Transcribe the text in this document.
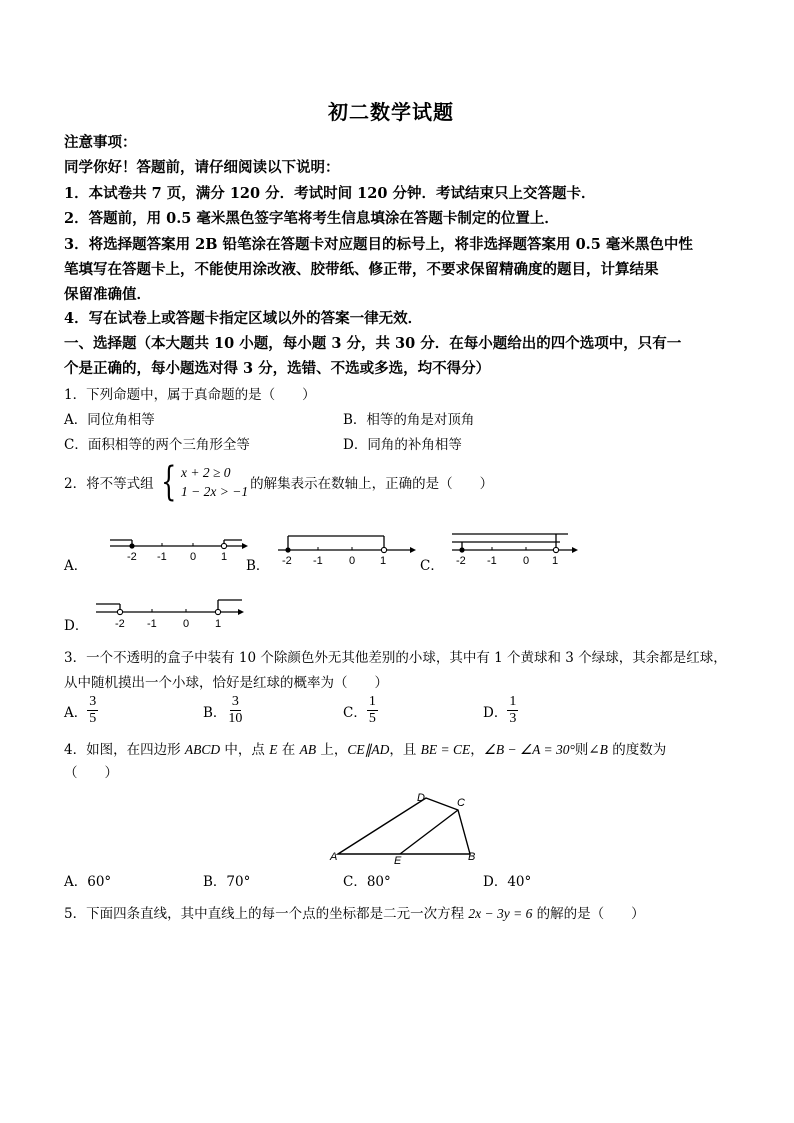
初二数学试题
注意事项：
同学你好！答题前，请仔细阅读以下说明：
1．本试卷共 7 页，满分 120 分．考试时间 120 分钟．考试结束只上交答题卡．
2．答题前，用 0.5 毫米黑色签字笔将考生信息填涂在答题卡制定的位置上．
3．将选择题答案用 2B 铅笔涂在答题卡对应题目的标号上，将非选择题答案用 0.5 毫米黑色中性
笔填写在答题卡上，不能使用涂改液、胶带纸、修正带，不要求保留精确度的题目，计算结果
保留准确值．
4．写在试卷上或答题卡指定区域以外的答案一律无效．
一、选择题（本大题共 10 小题，每小题 3 分，共 30 分．在每小题给出的四个选项中，只有一
个是正确的，每小题选对得 3 分，选错、不选或多选，均不得分）
1．下列命题中，属于真命题的是（　　）
A．同位角相等	B．相等的角是对顶角
C．面积相等的两个三角形全等	D．同角的补角相等
2．将不等式组 { x + 2 ≥ 0
1 − 2x > −1 的解集表示在数轴上，正确的是（　　）
A．	B．	C．
D．
-2 -1 0 1	-2 -1 0 1	-2 -1 0 1
-2 -1 0 1
3．一个不透明的盒子中装有 10 个除颜色外无其他差别的小球，其中有 1 个黄球和 3 个绿球，其余都是红球，
从中随机摸出一个小球，恰好是红球的概率为（　　）
A． $\frac{3}{5}$	B． $\frac{3}{10}$	C． $\frac{1}{5}$	D． $\frac{1}{3}$
4．如图，在四边形 ABCD 中，点 E 在 AB 上，CE∥AD，且 BE = CE，∠B − ∠A = 30°则∠B 的度数为
（　　）
D	C
A	E	B
A．60°	B．70°	C．80°	D．40°
5．下面四条直线，其中直线上的每一个点的坐标都是二元一次方程 2x − 3y = 6 的解的是（　　）
